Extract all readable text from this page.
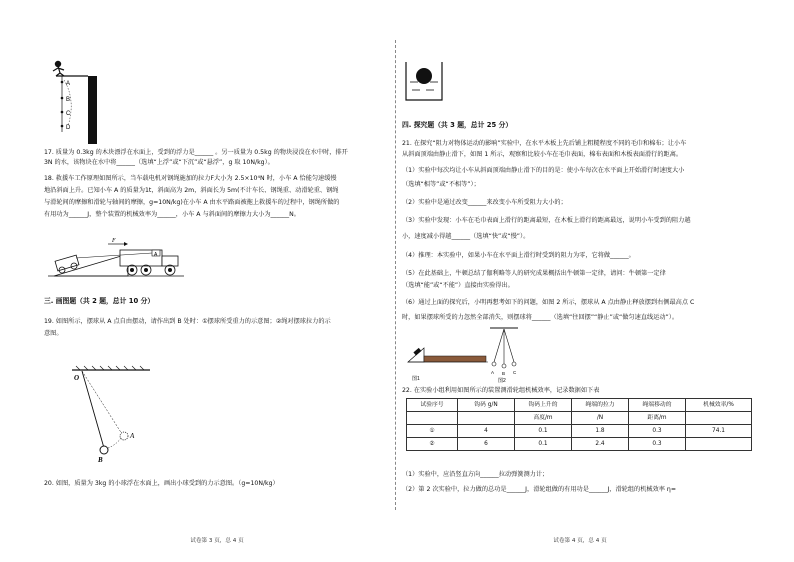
A
B
C
D
17. 质量为 0.3kg 的木块漂浮在水面上，受到的浮力是______ 。另一质量为 0.5kg 的物块浸没在水中时，排开
3N 的水，该物块在水中将______（选填“上浮”或“下沉”或“悬浮”，g 取 10N/kg）。
18. 救援车工作原理如图所示，当车载电机对钢绳施加的拉力F大小为 2.5×10⁴N 时，小车 A 恰能匀速缓慢
地沿斜面上升。已知小车 A 的质量为1t，斜面高为 2m，斜面长为 5m(不计车长、钢绳重、动滑轮重、钢绳
与滑轮间的摩擦和滑轮与轴间的摩擦，g=10N/kg)在小车 A 由水平路面被拖上救援车的过程中，钢绳所做的
有用功为______J，整个装置的机械效率为______，小车 A 与斜面间的摩擦力大小为______N。
F
A
三. 画图题（共 2 题，总计 10 分）
19. 如图所示，摆球从 A 点自由摆动，请作出到 B 处时：①摆球所受重力的示意图；②绳对摆球拉力的示
意图。
O
A
B
20. 如图，质量为 3kg 的小球浮在水面上，画出小球受到的力示意图。（g=10N/kg）
试卷第 3 页，总 4 页
四. 探究题（共 3 题，总计 25 分）
21. 在探究“阻力对物体运动的影响”实验中，在水平木板上先后铺上粗糙程度不同的毛巾和棉布；让小车
从斜面顶端由静止滑下，如图 1 所示，观察和比较小车在毛巾表面，棉布表面和木板表面滑行的距离。
（1）实验中每次均让小车从斜面顶端由静止滑下的目的是：使小车每次在水平面上开始滑行时速度大小
（选填“相等”或“不相等”）；
（2）实验中是通过改变______来改变小车所受阻力大小的；
（3）实验中发现：小车在毛巾表面上滑行的距离最短，在木板上滑行的距离最远，说明小车受到的阻力越
小，速度减小得越______（选填“快”或“慢”）。
（4）推理：本实验中，如果小车在水平面上滑行时受到的阻力为零，它将做______。
（5）在此基础上，牛顿总结了伽利略等人的研究成果概括出牛顿第一定律，请问：牛顿第一定律
（选填“能”或“不能”）直接由实验得出。
（6）通过上面的探究后，小明再想考如下的问题，如图 2 所示，摆球从 A 点由静止释放摆到右侧最高点 C
时，如果摆球所受的力忽然全部消失，则摆球将______（选填“往回摆”“静止”或“做匀速直线运动”）。
A B C
图1	图2
22. 在实验小组利用如图所示的装置测滑轮组机械效率，记录数据如下表
试验序号	钩码 g/N	钩码上升的	绳端的拉力	绳端移动的	机械效率/%
		高度/m	/N	距离/m	
①	4	0.1	1.8	0.3	74.1
②	6	0.1	2.4	0.3	
（1）实验中，应沿竖直方向______拉动弹簧测力计；
（2）第 2 次实验中，拉力做的总功是______J，滑轮组做的有用功是______J，滑轮组的机械效率 η=
试卷第 4 页，总 4 页
